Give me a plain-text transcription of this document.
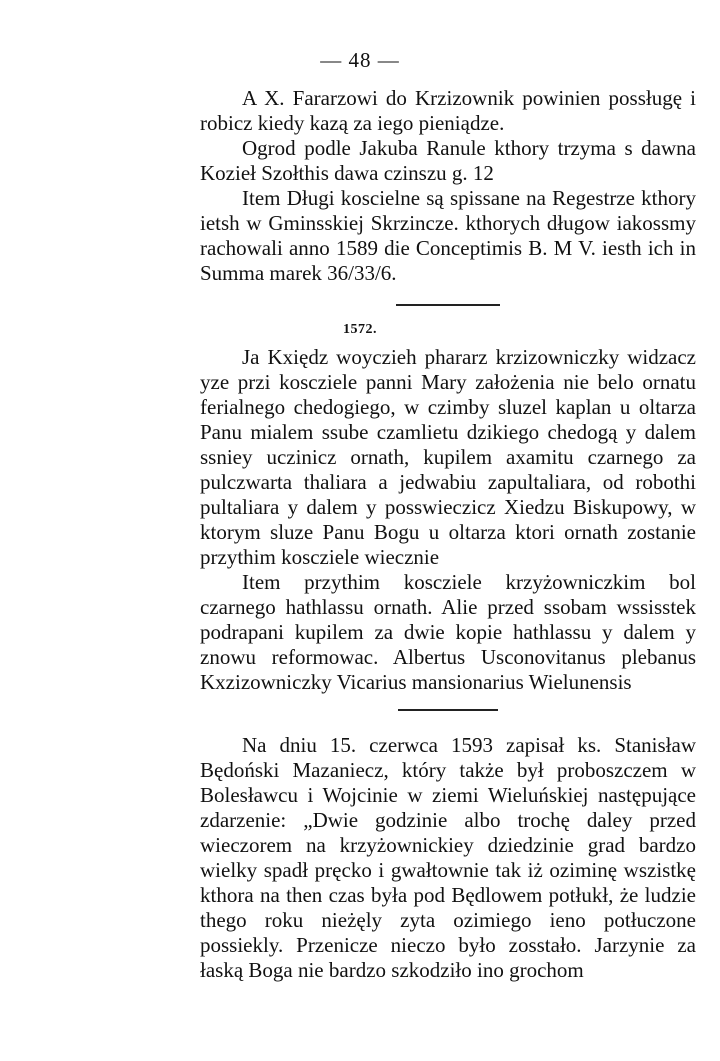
— 48 —

A X. Fararzowi do Krzizownik powinien possługę i robicz kiedy kazą za iego pieniądze.

Ogrod podle Jakuba Ranule kthory trzyma s dawna Kozieł Szołthis dawa czinszu g. 12

Item Długi koscielne są spissane na Regestrze kthory ietsh w Gminsskiej Skrzincze. kthorych długow iakossmy rachowali anno 1589 die Conceptimis B. M V. iesth ich in Summa marek 36/33/6.

1572.

Ja Kxiędz woyczieh phararz krzizowniczky widzacz yze przi koscziele panni Mary założenia nie belo ornatu ferialnego chedogiego, w czimby sluzel kaplan u oltarza Panu mialem ssube czamlietu dzikiego chedogą y dalem ssniey uczinicz ornath, kupilem axamitu czarnego za pulczwarta thaliara a jedwabiu zapultaliara, od robothi pultaliara y dalem y posswieczicz Xiedzu Biskupowy, w ktorym sluze Panu Bogu u oltarza ktori ornath zostanie przythim koscziele wiecznie

Item przythim koscziele krzyżowniczkim bol czarnego hathlassu ornath. Alie przed ssobam wssisstek podrapani kupilem za dwie kopie hathlassu y dalem y znowu reformowac. Albertus Usconovitanus plebanus Kxzizowniczky Vicarius mansionarius Wielunensis

Na dniu 15. czerwca 1593 zapisał ks. Stanisław Będoński Mazaniecz, który także był proboszczem w Bolesławcu i Wojcinie w ziemi Wieluńskiej następujące zdarzenie: „Dwie godzinie albo trochę daley przed wieczorem na krzyżownickiey dziedzinie grad bardzo wielky spadł pręcko i gwałtownie tak iż oziminę wszistkę kthora na then czas była pod Będlowem potłukł, że ludzie thego roku nieżęly zyta ozimiego ieno potłuczone possiekly. Przenicze nieczo było zosstało. Jarzynie za łaską Boga nie bardzo szkodziło ino grochom
